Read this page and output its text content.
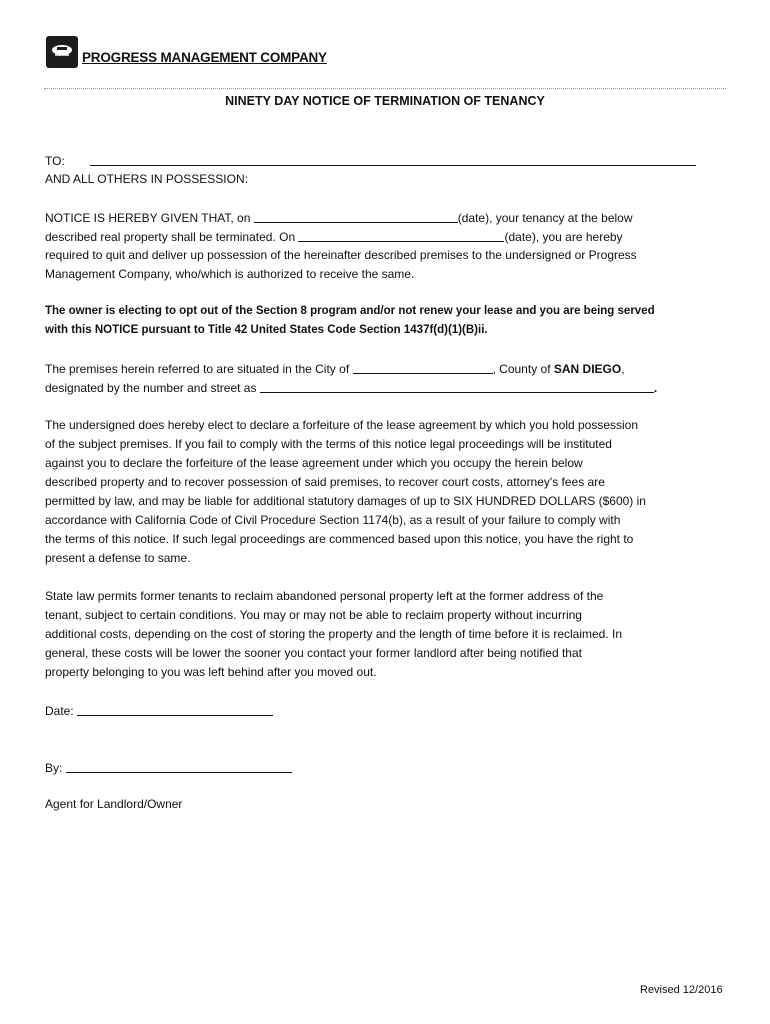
PROGRESS MANAGEMENT COMPANY
NINETY DAY NOTICE OF TERMINATION OF TENANCY
TO:
AND ALL OTHERS IN POSSESSION:
NOTICE IS HEREBY GIVEN THAT, on	(date), your tenancy at the below
described real property shall be terminated. On	(date), you are hereby
required to quit and deliver up possession of the hereinafter described premises to the undersigned or Progress
Management Company, who/which is authorized to receive the same.
The owner is electing to opt out of the Section 8 program and/or not renew your lease and you are being served
with this NOTICE pursuant to Title 42 United States Code Section 1437f(d)(1)(B)ii.
The premises herein referred to are situated in the City of	, County of SAN DIEGO,
designated by the number and street as	.
The undersigned does hereby elect to declare a forfeiture of the lease agreement by which you hold possession
of the subject premises. If you fail to comply with the terms of this notice legal proceedings will be instituted
against you to declare the forfeiture of the lease agreement under which you occupy the herein below
described property and to recover possession of said premises, to recover court costs, attorney's fees are
permitted by law, and may be liable for additional statutory damages of up to SIX HUNDRED DOLLARS ($600) in
accordance with California Code of Civil Procedure Section 1174(b), as a result of your failure to comply with
the terms of this notice. If such legal proceedings are commenced based upon this notice, you have the right to
present a defense to same.
State law permits former tenants to reclaim abandoned personal property left at the former address of the
tenant, subject to certain conditions. You may or may not be able to reclaim property without incurring
additional costs, depending on the cost of storing the property and the length of time before it is reclaimed. In
general, these costs will be lower the sooner you contact your former landlord after being notified that
property belonging to you was left behind after you moved out.
Date:
By:
Agent for Landlord/Owner
Revised 12/2016
